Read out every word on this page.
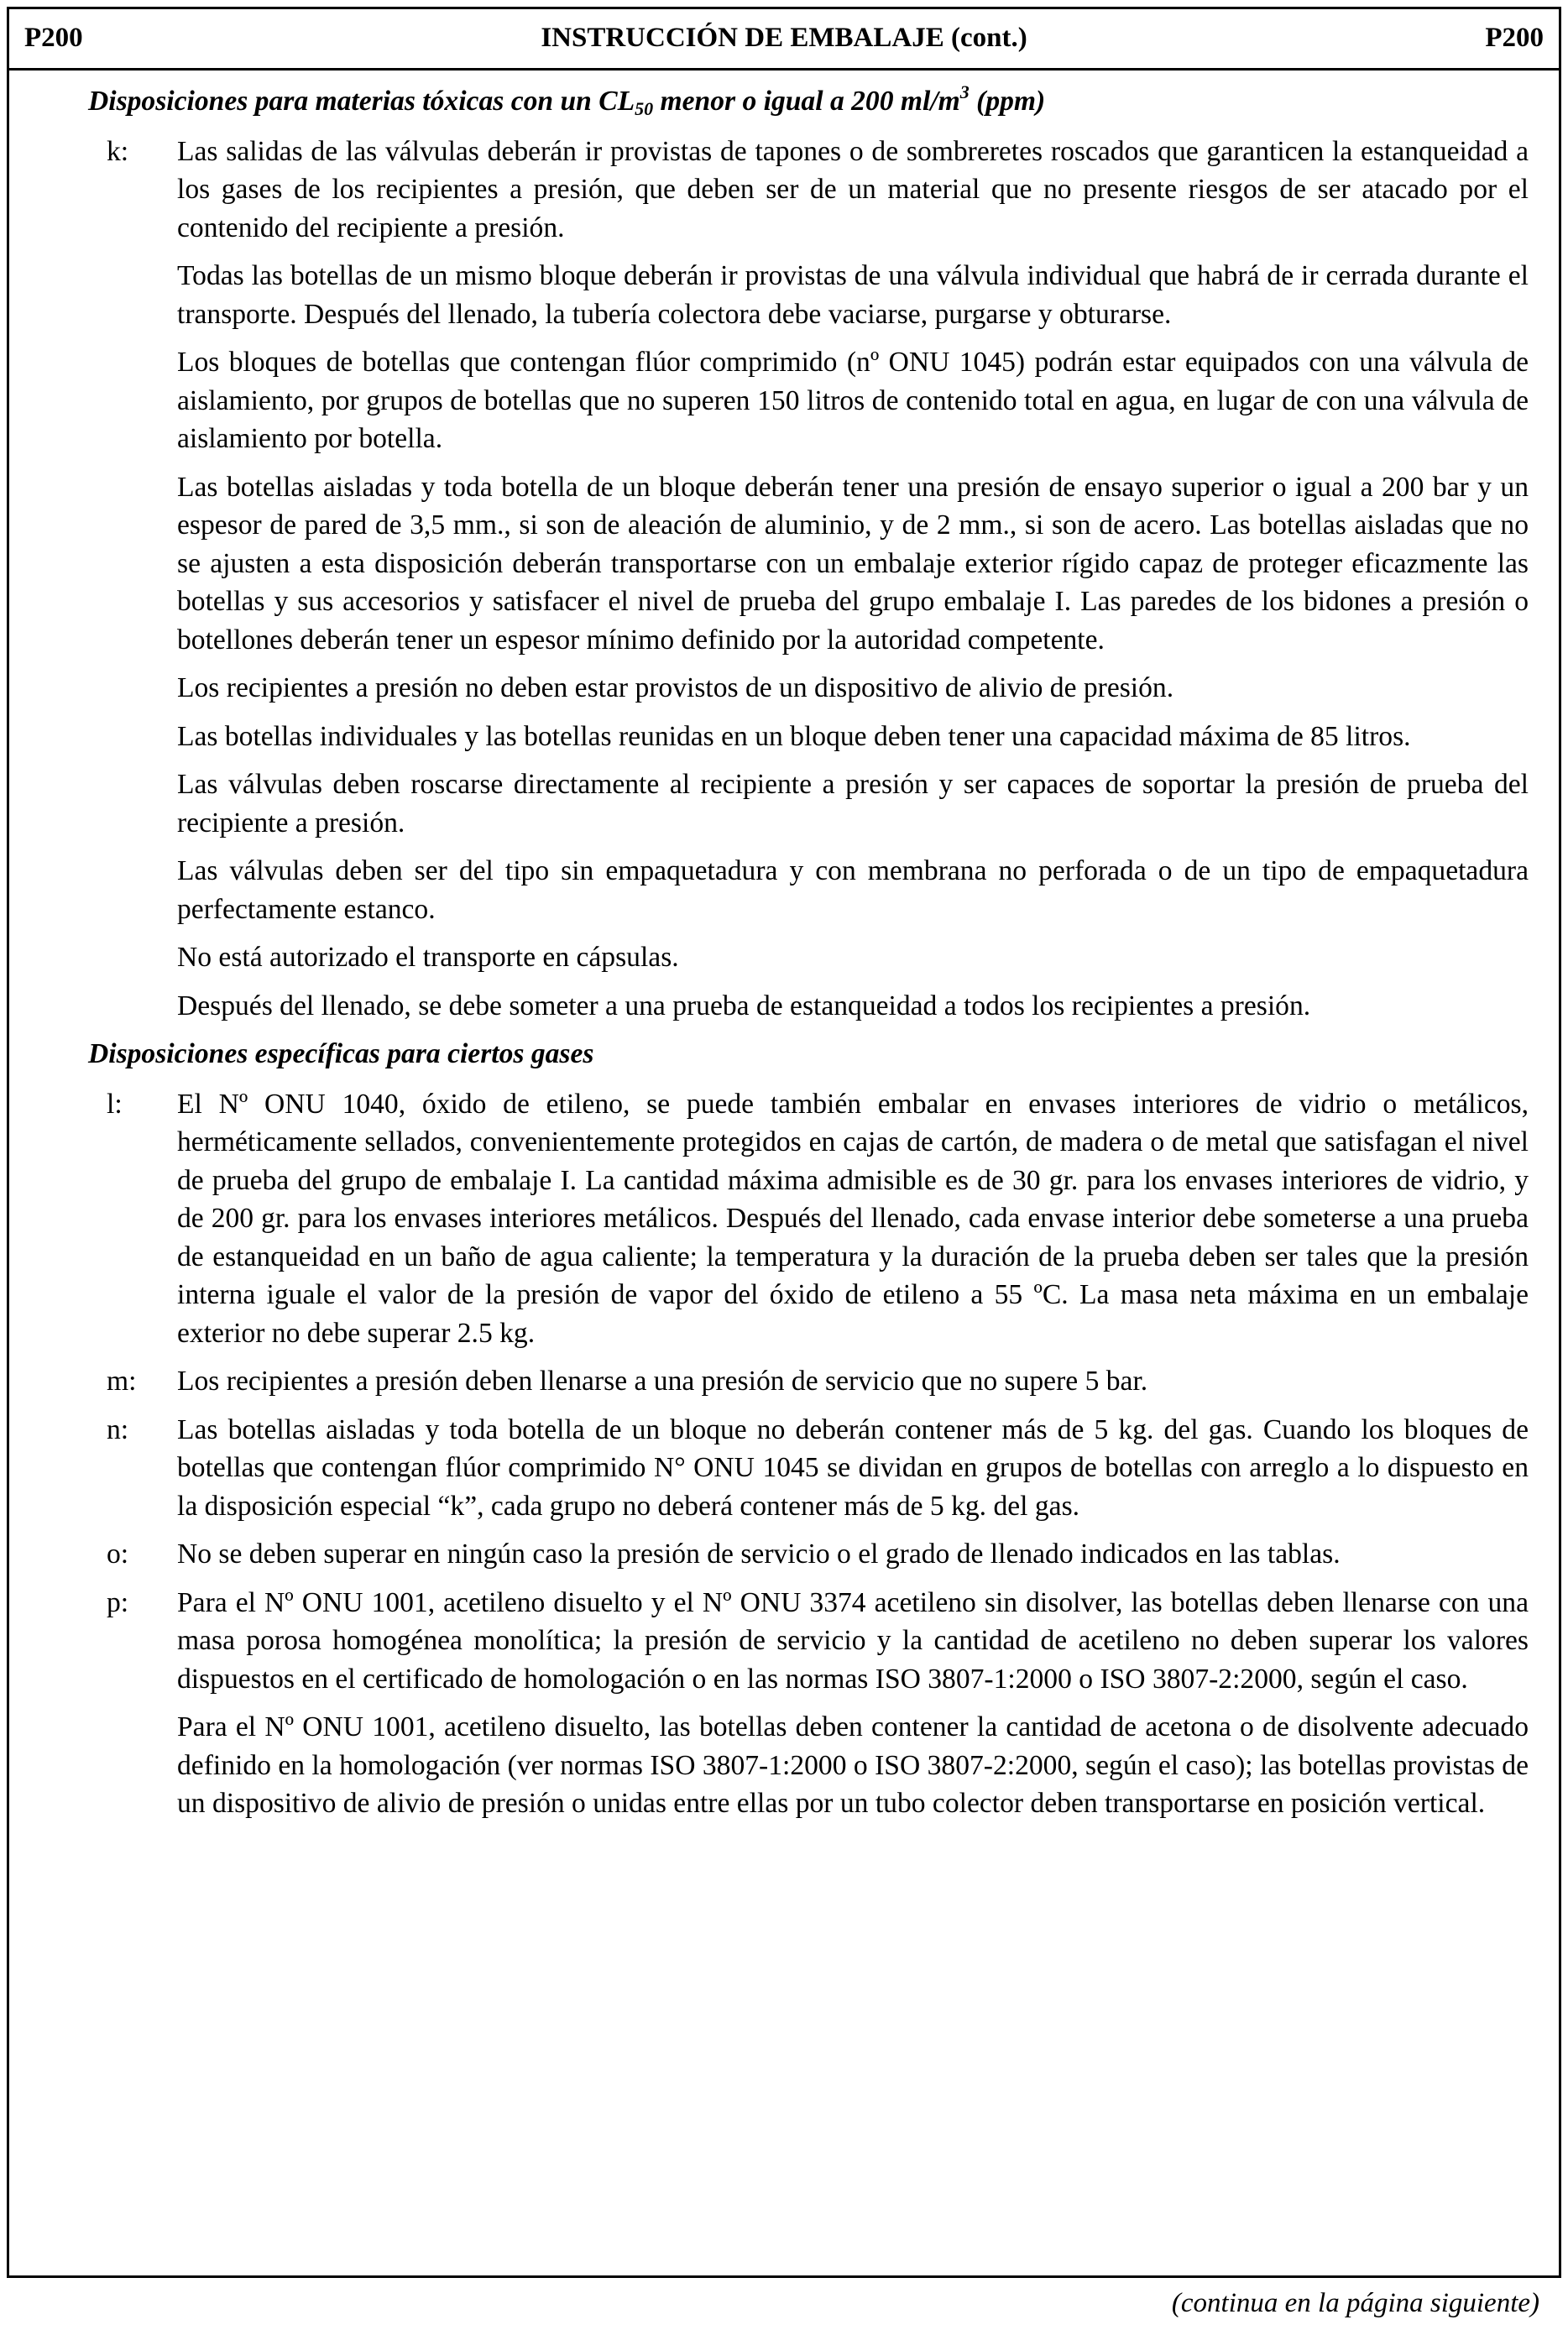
P200	INSTRUCCIÓN DE EMBALAJE (cont.)	P200
Disposiciones para materias tóxicas con un $CL_{50}$ menor o igual a 200 $ml/m^3$ (ppm)
k: Las salidas de las válvulas deberán ir provistas de tapones o de sombreretes roscados que garanticen la estanqueidad a los gases de los recipientes a presión, que deben ser de un material que no presente riesgos de ser atacado por el contenido del recipiente a presión.

Todas las botellas de un mismo bloque deberán ir provistas de una válvula individual que habrá de ir cerrada durante el transporte. Después del llenado, la tubería colectora debe vaciarse, purgarse y obturarse.

Los bloques de botellas que contengan flúor comprimido (nº ONU 1045) podrán estar equipados con una válvula de aislamiento, por grupos de botellas que no superen 150 litros de contenido total en agua, en lugar de con una válvula de aislamiento por botella.

Las botellas aisladas y toda botella de un bloque deberán tener una presión de ensayo superior o igual a 200 bar y un espesor de pared de 3,5 mm., si son de aleación de aluminio, y de 2 mm., si son de acero. Las botellas aisladas que no se ajusten a esta disposición deberán transportarse con un embalaje exterior rígido capaz de proteger eficazmente las botellas y sus accesorios y satisfacer el nivel de prueba del grupo embalaje I. Las paredes de los bidones a presión o botellones deberán tener un espesor mínimo definido por la autoridad competente.

Los recipientes a presión no deben estar provistos de un dispositivo de alivio de presión.

Las botellas individuales y las botellas reunidas en un bloque deben tener una capacidad máxima de 85 litros.

Las válvulas deben roscarse directamente al recipiente a presión y ser capaces de soportar la presión de prueba del recipiente a presión.

Las válvulas deben ser del tipo sin empaquetadura y con membrana no perforada o de un tipo de empaquetadura perfectamente estanco.

No está autorizado el transporte en cápsulas.

Después del llenado, se debe someter a una prueba de estanqueidad a todos los recipientes a presión.

Disposiciones específicas para ciertos gases
l: El Nº ONU 1040, óxido de etileno, se puede también embalar en envases interiores de vidrio o metálicos, herméticamente sellados, convenientemente protegidos en cajas de cartón, de madera o de metal que satisfagan el nivel de prueba del grupo de embalaje I. La cantidad máxima admisible es de 30 gr. para los envases interiores de vidrio, y de 200 gr. para los envases interiores metálicos. Después del llenado, cada envase interior debe someterse a una prueba de estanqueidad en un baño de agua caliente; la temperatura y la duración de la prueba deben ser tales que la presión interna iguale el valor de la presión de vapor del óxido de etileno a 55 ºC. La masa neta máxima en un embalaje exterior no debe superar 2.5 kg.

m: Los recipientes a presión deben llenarse a una presión de servicio que no supere 5 bar.

n: Las botellas aisladas y toda botella de un bloque no deberán contener más de 5 kg. del gas. Cuando los bloques de botellas que contengan flúor comprimido N° ONU 1045 se dividan en grupos de botellas con arreglo a lo dispuesto en la disposición especial “k”, cada grupo no deberá contener más de 5 kg. del gas.

o: No se deben superar en ningún caso la presión de servicio o el grado de llenado indicados en las tablas.

p: Para el Nº ONU 1001, acetileno disuelto y el Nº ONU 3374 acetileno sin disolver, las botellas deben llenarse con una masa porosa homogénea monolítica; la presión de servicio y la cantidad de acetileno no deben superar los valores dispuestos en el certificado de homologación o en las normas ISO 3807-1:2000 o ISO 3807-2:2000, según el caso.

Para el Nº ONU 1001, acetileno disuelto, las botellas deben contener la cantidad de acetona o de disolvente adecuado definido en la homologación (ver normas ISO 3807-1:2000 o ISO 3807-2:2000, según el caso); las botellas provistas de un dispositivo de alivio de presión o unidas entre ellas por un tubo colector deben transportarse en posición vertical.

(continua en la página siguiente)
